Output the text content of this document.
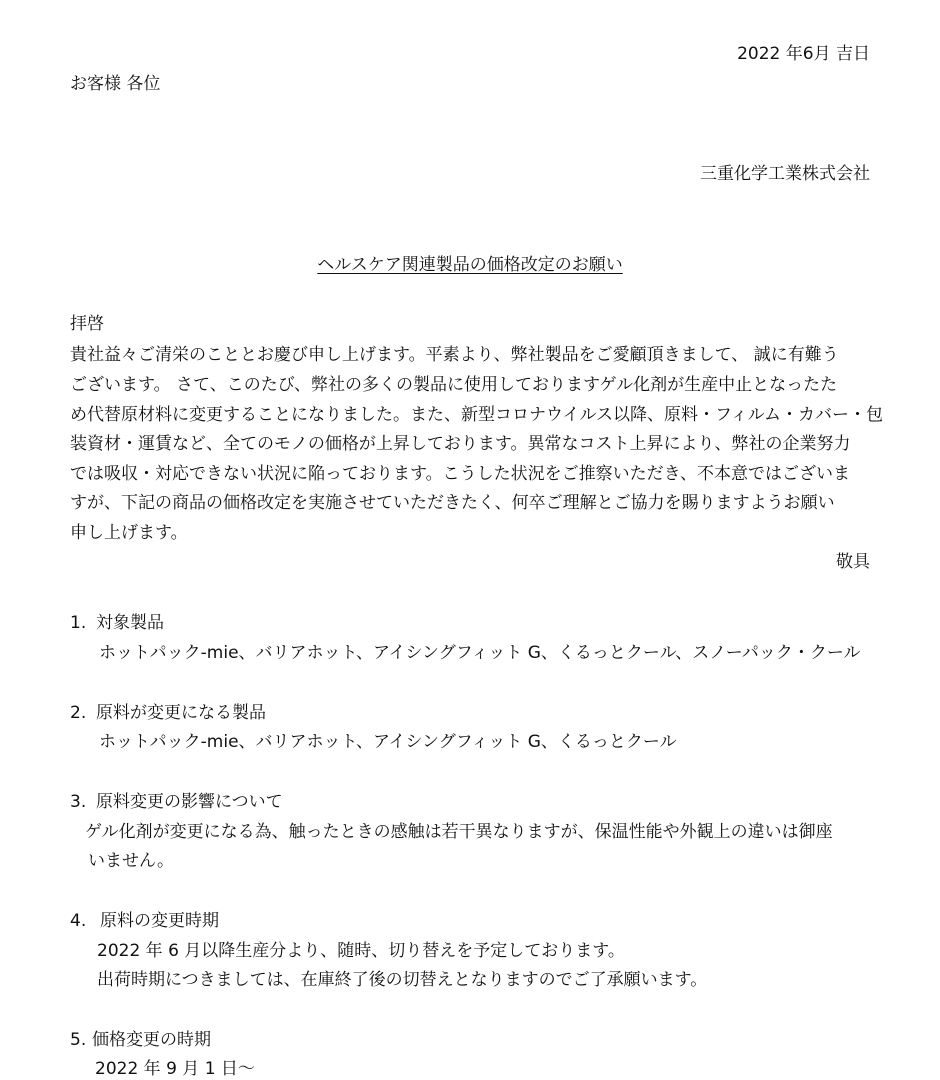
2022 年6月 吉日

お客様 各位

三重化学工業株式会社

ヘルスケア関連製品の価格改定のお願い

拝啓

貴社益々ご清栄のこととお慶び申し上げます。平素より、弊社製品をご愛顧頂きまして、 誠に有難う

ございます。 さて、このたび、弊社の多くの製品に使用しておりますゲル化剤が生産中止となったた

め代替原材料に変更することになりました。また、新型コロナウイルス以降、原料・フィルム・カバー・包

装資材・運賃など、全てのモノの価格が上昇しております。異常なコスト上昇により、弊社の企業努力

では吸収・対応できない状況に陥っております。こうした状況をご推察いただき、不本意ではございま

すが、下記の商品の価格改定を実施させていただきたく、何卒ご理解とご協力を賜りますようお願い

申し上げます。

敬具

1. 対象製品

ホットパック-mie、バリアホット、アイシングフィット G、くるっとクール、スノーパック・クール

2. 原料が変更になる製品

ホットパック-mie、バリアホット、アイシングフィット G、くるっとクール

3. 原料変更の影響について

ゲル化剤が変更になる為、触ったときの感触は若干異なりますが、保温性能や外観上の違いは御座

いません。

4. 原料の変更時期

2022 年 6 月以降生産分より、随時、切り替えを予定しております。

出荷時期につきましては、在庫終了後の切替えとなりますのでご了承願います。

5. 価格変更の時期

2022 年 9 月 1 日～
